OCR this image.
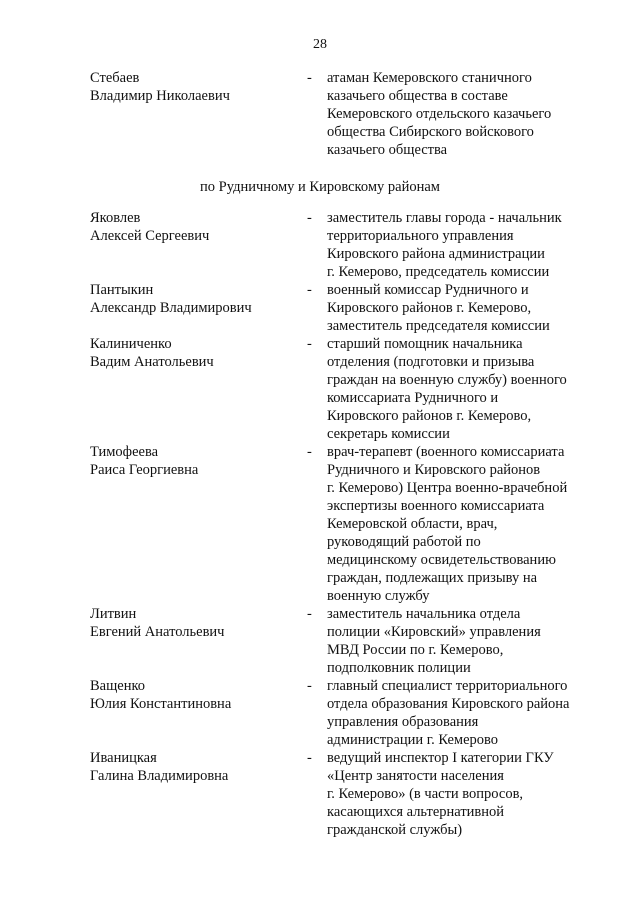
28
Стебаев
Владимир Николаевич
- атаман Кемеровского станичного
казачьего общества в составе
Кемеровского отдельского казачьего
общества Сибирского войскового
казачьего общества
по Рудничному и Кировскому районам
Яковлев
Алексей Сергеевич
- заместитель главы города - начальник
территориального управления
Кировского района администрации
г. Кемерово, председатель комиссии
Пантыкин
Александр Владимирович
- военный комиссар Рудничного и
Кировского районов г. Кемерово,
заместитель председателя комиссии
Калиниченко
Вадим Анатольевич
- старший помощник начальника
отделения (подготовки и призыва
граждан на военную службу) военного
комиссариата Рудничного и
Кировского районов г. Кемерово,
секретарь комиссии
Тимофеева
Раиса Георгиевна
- врач-терапевт (военного комиссариата
Рудничного и Кировского районов
г. Кемерово) Центра военно-врачебной
экспертизы военного комиссариата
Кемеровской области, врач,
руководящий работой по
медицинскому освидетельствованию
граждан, подлежащих призыву на
военную службу
Литвин
Евгений Анатольевич
- заместитель начальника отдела
полиции «Кировский» управления
МВД России по г. Кемерово,
подполковник полиции
Ващенко
Юлия Константиновна
- главный специалист территориального
отдела образования Кировского района
управления образования
администрации г. Кемерово
Иваницкая
Галина Владимировна
- ведущий инспектор I категории ГКУ
«Центр занятости населения
г. Кемерово» (в части вопросов,
касающихся альтернативной
гражданской службы)
